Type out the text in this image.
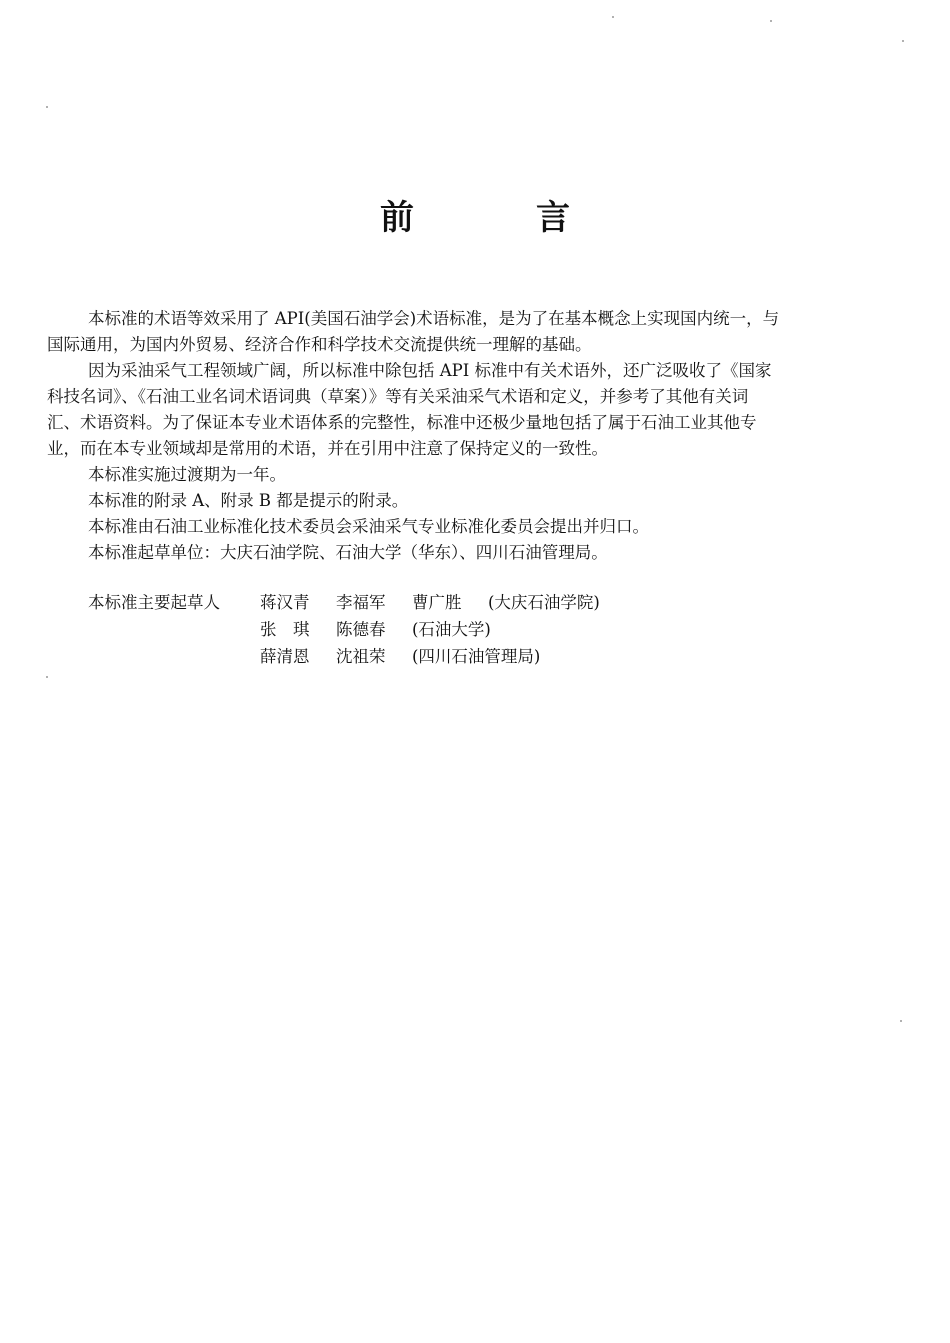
前	言
本标准的术语等效采用了 API(美国石油学会)术语标准，是为了在基本概念上实现国内统一，与
国际通用，为国内外贸易、经济合作和科学技术交流提供统一理解的基础。
因为采油采气工程领域广阔，所以标准中除包括 API 标准中有关术语外，还广泛吸收了《国家
科技名词》、《石油工业名词术语词典（草案）》等有关采油采气术语和定义，并参考了其他有关词
汇、术语资料。为了保证本专业术语体系的完整性，标准中还极少量地包括了属于石油工业其他专
业，而在本专业领域却是常用的术语，并在引用中注意了保持定义的一致性。
本标准实施过渡期为一年。
本标准的附录 A、附录 B 都是提示的附录。
本标准由石油工业标准化技术委员会采油采气专业标准化委员会提出并归口。
本标准起草单位：大庆石油学院、石油大学（华东）、四川石油管理局。
本标准主要起草人 蒋汉青 李福军 曹广胜 (大庆石油学院)
张　琪 陈德春 (石油大学)
薛清恩 沈祖荣 (四川石油管理局)
